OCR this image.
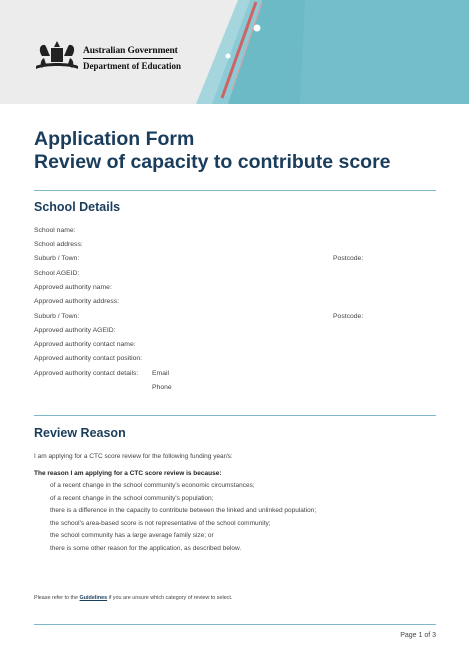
Australian Government
Department of Education
Application Form
Review of capacity to contribute score
School Details
School name:
School address:
Suburb / Town:	Postcode:
School AGEID:
Approved authority name:
Approved authority address:
Suburb / Town:	Postcode:
Approved authority AGEID:
Approved authority contact name:
Approved authority contact position:
Approved authority contact details: Email
Phone
Review Reason
I am applying for a CTC score review for the following funding year/s:
The reason I am applying for a CTC score review is because:
of a recent change in the school community's economic circumstances;
of a recent change in the school community's population;
there is a difference in the capacity to contribute between the linked and unlinked population;
the school's area-based score is not representative of the school community;
the school community has a large average family size; or
there is some other reason for the application, as described below.
Please refer to the Guidelines if you are unsure which category of review to select.
Page 1 of 3
